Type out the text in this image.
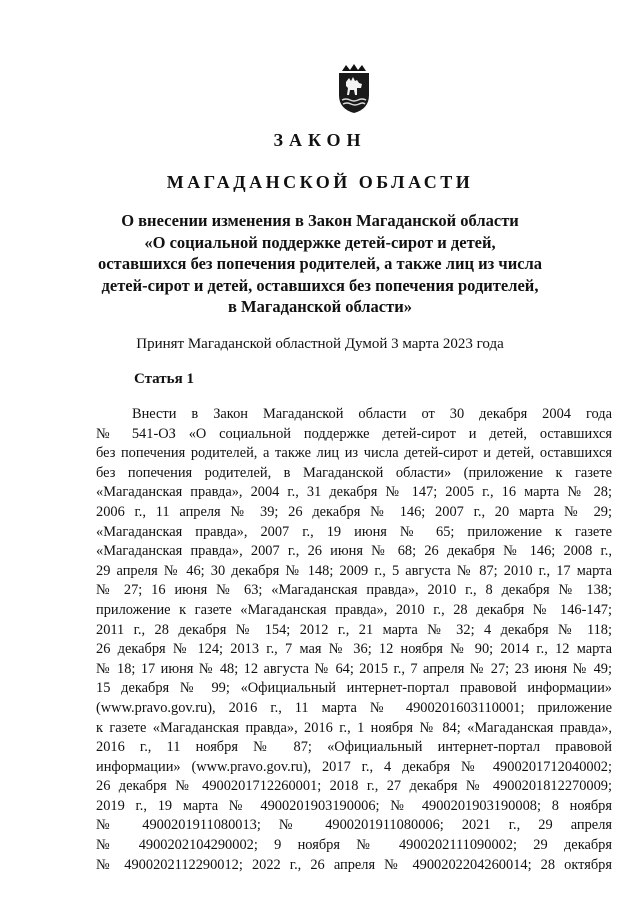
ЗАКОН
МАГАДАНСКОЙ ОБЛАСТИ
О внесении изменения в Закон Магаданской области
«О социальной поддержке детей-сирот и детей,
оставшихся без попечения родителей, а также лиц из числа
детей-сирот и детей, оставшихся без попечения родителей,
в Магаданской области»
Принят Магаданской областной Думой 3 марта 2023 года
Статья 1
Внести в Закон Магаданской области от 30 декабря 2004 года
№ 541-ОЗ «О социальной поддержке детей-сирот и детей, оставшихся
без попечения родителей, а также лиц из числа детей-сирот и детей, оставшихся
без попечения родителей, в Магаданской области» (приложение к газете
«Магаданская правда», 2004 г., 31 декабря № 147; 2005 г., 16 марта № 28;
2006 г., 11 апреля № 39; 26 декабря № 146; 2007 г., 20 марта № 29;
«Магаданская правда», 2007 г., 19 июня № 65; приложение к газете
«Магаданская правда», 2007 г., 26 июня № 68; 26 декабря № 146; 2008 г.,
29 апреля № 46; 30 декабря № 148; 2009 г., 5 августа № 87; 2010 г., 17 марта
№ 27; 16 июня № 63; «Магаданская правда», 2010 г., 8 декабря № 138;
приложение к газете «Магаданская правда», 2010 г., 28 декабря № 146-147;
2011 г., 28 декабря № 154; 2012 г., 21 марта № 32; 4 декабря № 118;
26 декабря № 124; 2013 г., 7 мая № 36; 12 ноября № 90; 2014 г., 12 марта
№ 18; 17 июня № 48; 12 августа № 64; 2015 г., 7 апреля № 27; 23 июня № 49;
15 декабря № 99; «Официальный интернет-портал правовой информации»
(www.pravo.gov.ru), 2016 г., 11 марта № 4900201603110001; приложение
к газете «Магаданская правда», 2016 г., 1 ноября № 84; «Магаданская правда»,
2016 г., 11 ноября № 87; «Официальный интернет-портал правовой
информации» (www.pravo.gov.ru), 2017 г., 4 декабря № 4900201712040002;
26 декабря № 4900201712260001; 2018 г., 27 декабря № 4900201812270009;
2019 г., 19 марта № 4900201903190006; № 4900201903190008; 8 ноября
№ 4900201911080013; № 4900201911080006; 2021 г., 29 апреля
№ 4900202104290002; 9 ноября № 4900202111090002; 29 декабря
№ 4900202112290012; 2022 г., 26 апреля № 4900202204260014; 28 октября
